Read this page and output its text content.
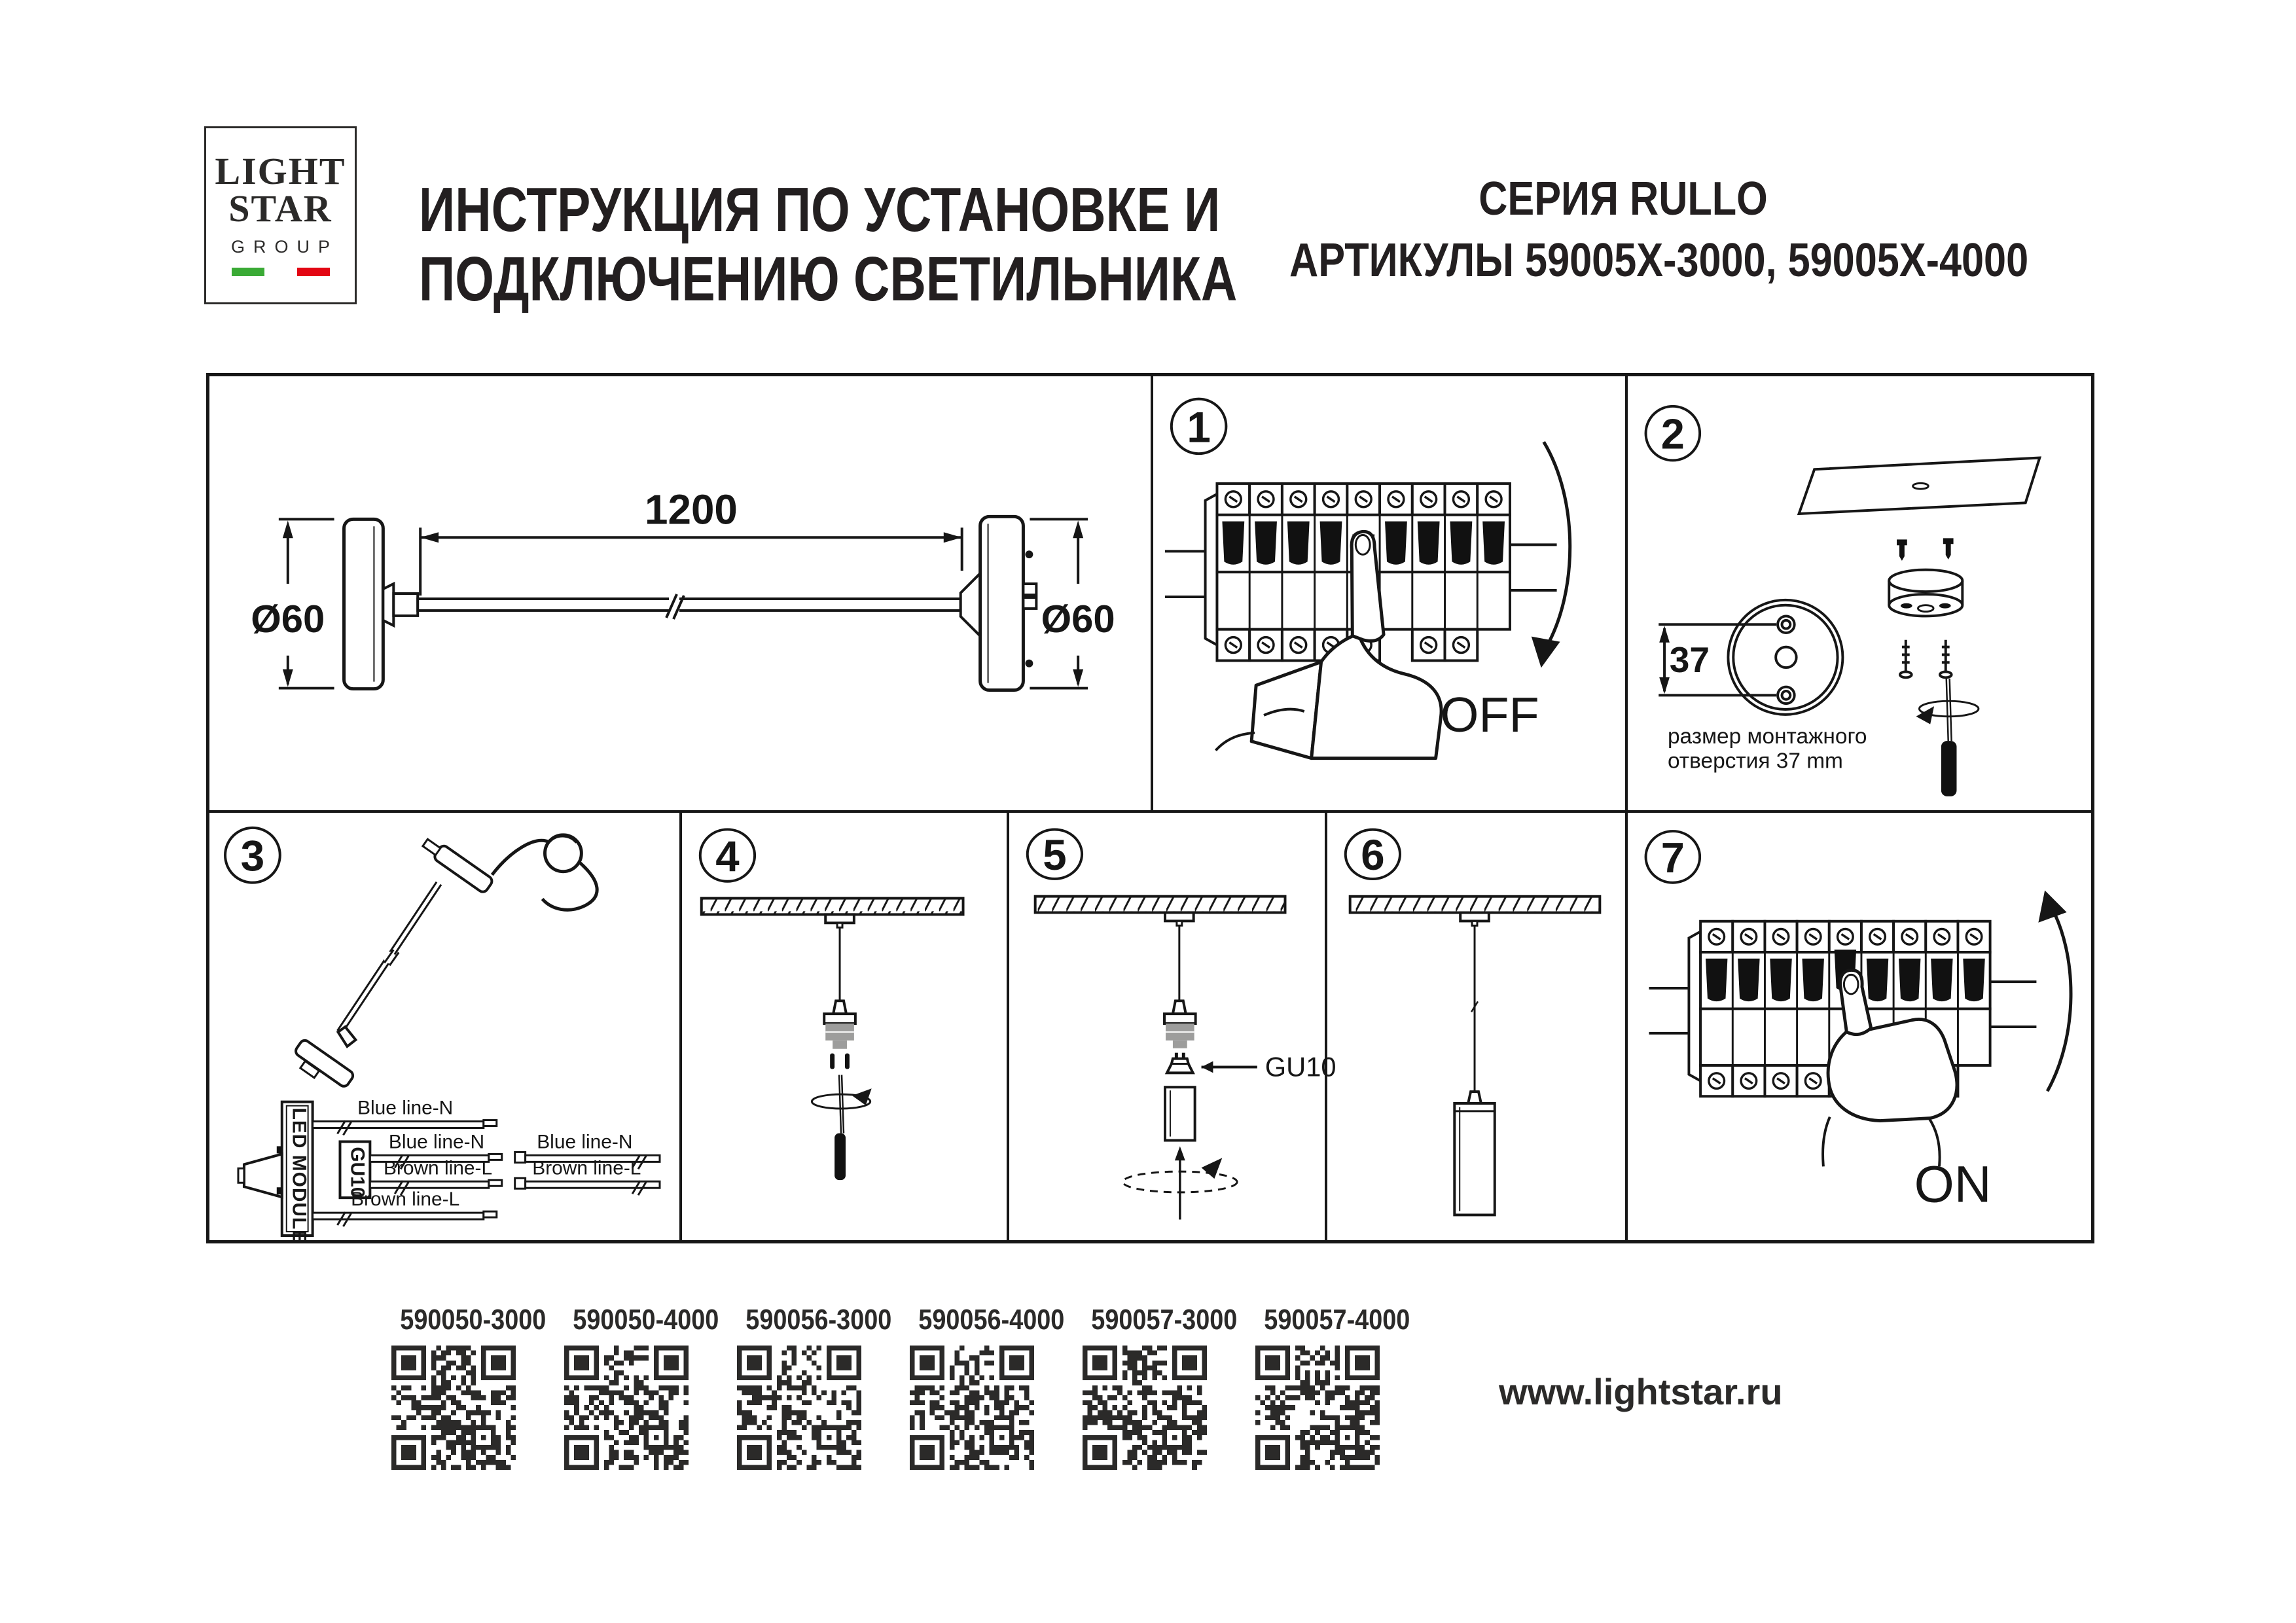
LIGHT
STAR
GROUP
ИНСТРУКЦИЯ ПО УСТАНОВКЕ И
ПОДКЛЮЧЕНИЮ СВЕТИЛЬНИКА
СЕРИЯ RULLO
АРТИКУЛЫ 59005X-3000, 59005X-4000
1200
Ø60	Ø60
1
OFF
2
37
размер монтажного
отверстия 37 mm
3
LED MODULE GU10
Blue line-N
Blue line-N
Brown line-L
Brown line-L
Blue line-N
Brown line-L
4	5
GU10
6	7
ON
590050-3000 590050-4000 590056-3000 590056-4000 590057-3000 590057-4000
www.lightstar.ru
